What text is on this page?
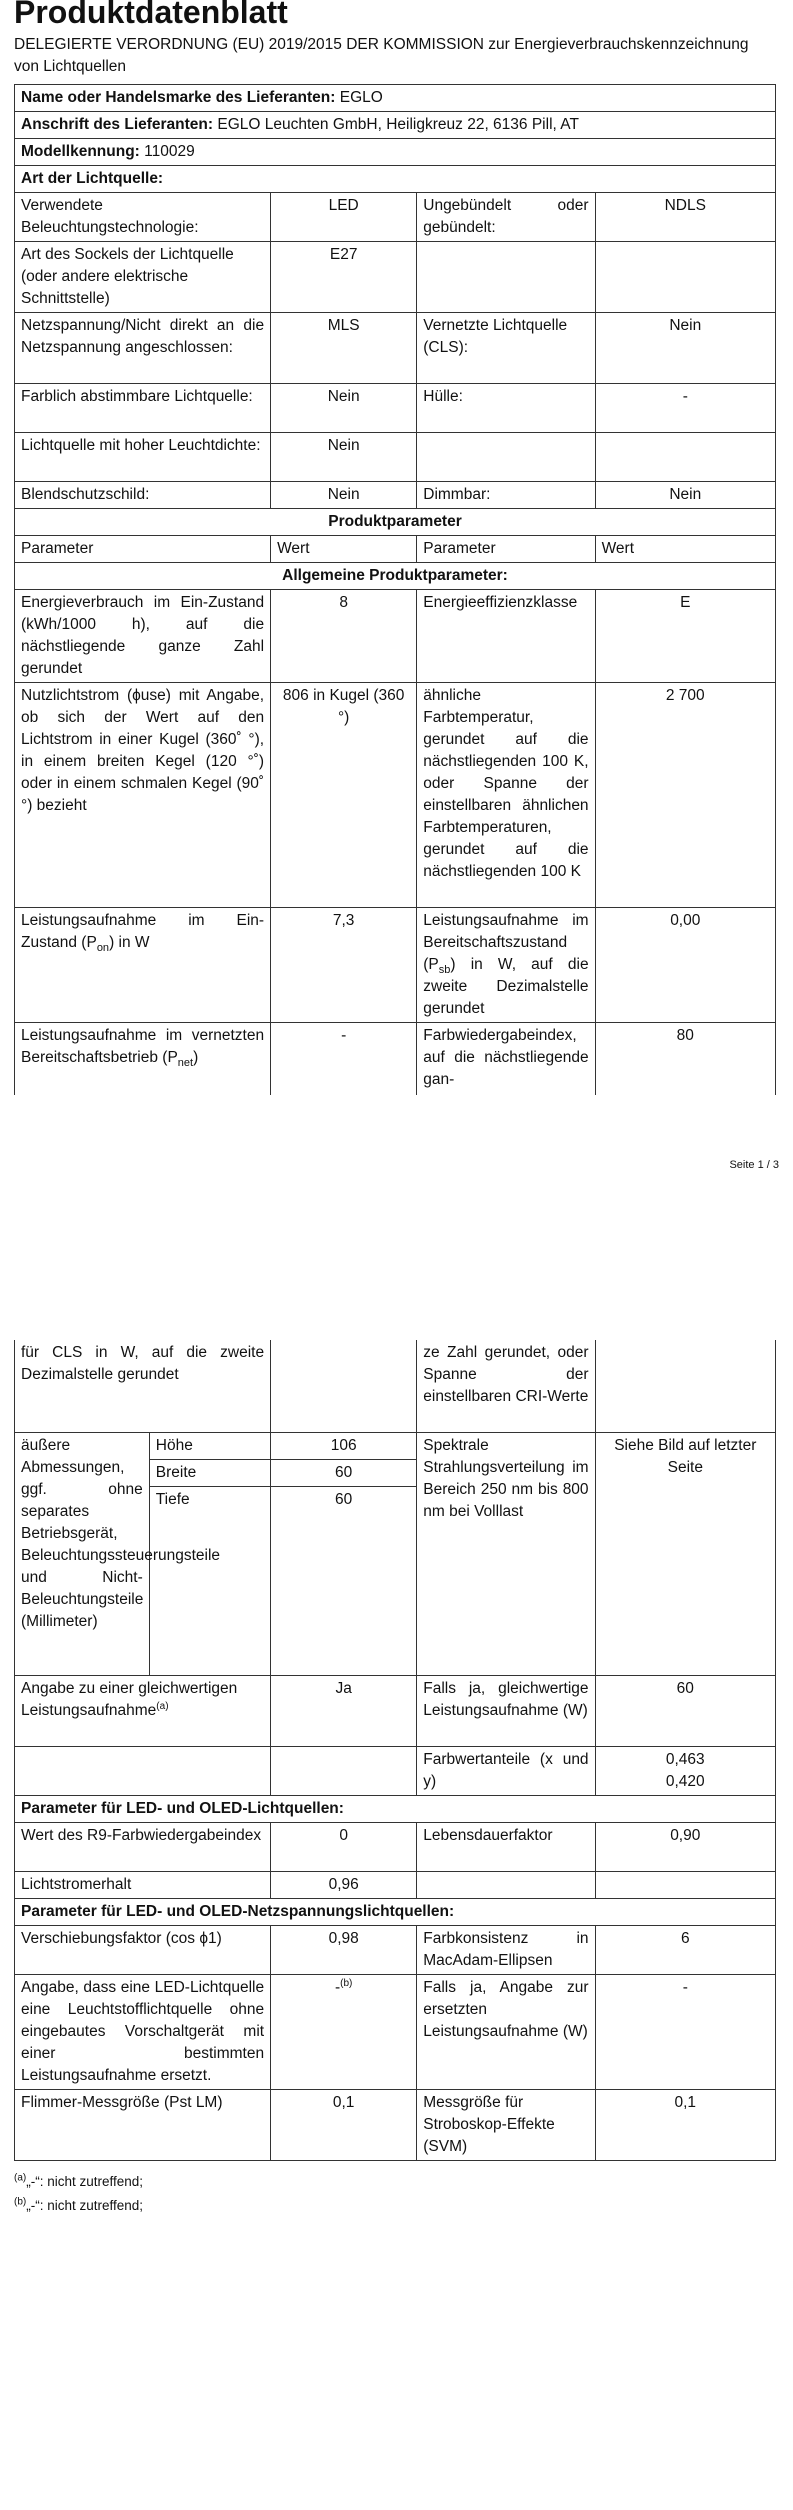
Produktdatenblatt
DELEGIERTE VERORDNUNG (EU) 2019/2015 DER KOMMISSION zur Energieverbrauchskennzeichnung von Lichtquellen
Name oder Handelsmarke des Lieferanten: EGLO			
Anschrift des Lieferanten: EGLO Leuchten GmbH, Heiligkreuz 22, 6136 Pill, AT			
Modellkennung: 110029			
Art der Lichtquelle:			
Verwendete Beleuchtungstechnologie:	LED	Ungebündelt oder gebündelt:	NDLS
Art des Sockels der Lichtquelle (oder andere elektrische Schnittstelle)	E27		
Netzspannung/Nicht direkt an die Netzspannung angeschlossen:	MLS	Vernetzte Lichtquelle (CLS):	Nein
Farblich abstimmbare Lichtquelle:	Nein	Hülle:	-
Lichtquelle mit hoher Leuchtdichte:	Nein		
Blendschutzschild:	Nein	Dimmbar:	Nein
Produktparameter			
Parameter	Wert	Parameter	Wert
Allgemeine Produktparameter:			
Energieverbrauch im Ein-Zustand (kWh/1000 h), auf die nächstliegende ganze Zahl gerundet	8	Energieeffizienzklasse	E
Nutzlichtstrom (ϕuse) mit Angabe, ob sich der Wert auf den Lichtstrom in einer Kugel (360˚ °), in einem breiten Kegel (120 °˚) oder in einem schmalen Kegel (90˚ °) bezieht	806 in Kugel (360 °)	ähnliche Farbtemperatur, gerundet auf die nächstliegenden 100 K, oder Spanne der einstellbaren ähnlichen Farbtemperaturen, gerundet auf die nächstliegenden 100 K	2 700
Leistungsaufnahme im Ein-Zustand $(P_{on})$ in W	7,3	Leistungsaufnahme im Bereitschaftszustand $(P_{sb})$ in W, auf die zweite Dezimalstelle gerundet	0,00
Leistungsaufnahme im vernetzten Bereitschaftsbetrieb $(P_{net})$	-	Farbwiedergabeindex, auf die nächstliegende gan-	80
Seite 1 / 3
für CLS in W, auf die zweite Dezimalstelle gerundet			ze Zahl gerundet, oder Spanne der einstellbaren CRI-Werte	
äußere Abmessungen, ggf. ohne separates Betriebsgerät, Beleuchtungssteuerungsteile und Nicht-Beleuchtungsteile (Millimeter)	Höhe	106	Spektrale Strahlungsverteilung im Bereich 250 nm bis 800 nm bei Volllast	Siehe Bild auf letzter Seite
	Breite	60		
	Tiefe	60		
Angabe zu einer gleichwertigen Leistungsaufnahme$^{(a)}$		Ja	Falls ja, gleichwertige Leistungsaufnahme (W)	60
			Farbwertanteile (x und y)	0,463
0,420

Parameter für LED- und OLED-Lichtquellen:				
Wert des R9-Farbwiedergabeindex		0	Lebensdauerfaktor	0,90
Lichtstromerhalt		0,96		
Parameter für LED- und OLED-Netzspannungslichtquellen:				
Verschiebungsfaktor (cos ϕ1)		0,98	Farbkonsistenz in MacAdam-Ellipsen	6
Angabe, dass eine LED-Lichtquelle eine Leuchtstofflichtquelle ohne eingebautes Vorschaltgerät mit einer bestimmten Leistungsaufnahme ersetzt.		-$^{(b)}$	Falls ja, Angabe zur ersetzten Leistungsaufnahme (W)	-
Flimmer-Messgröße (Pst LM)		0,1	Messgröße für Stroboskop-Effekte (SVM)	0,1
$^{(a)}$„-“: nicht zutreffend;
$^{(b)}$„-“: nicht zutreffend;
